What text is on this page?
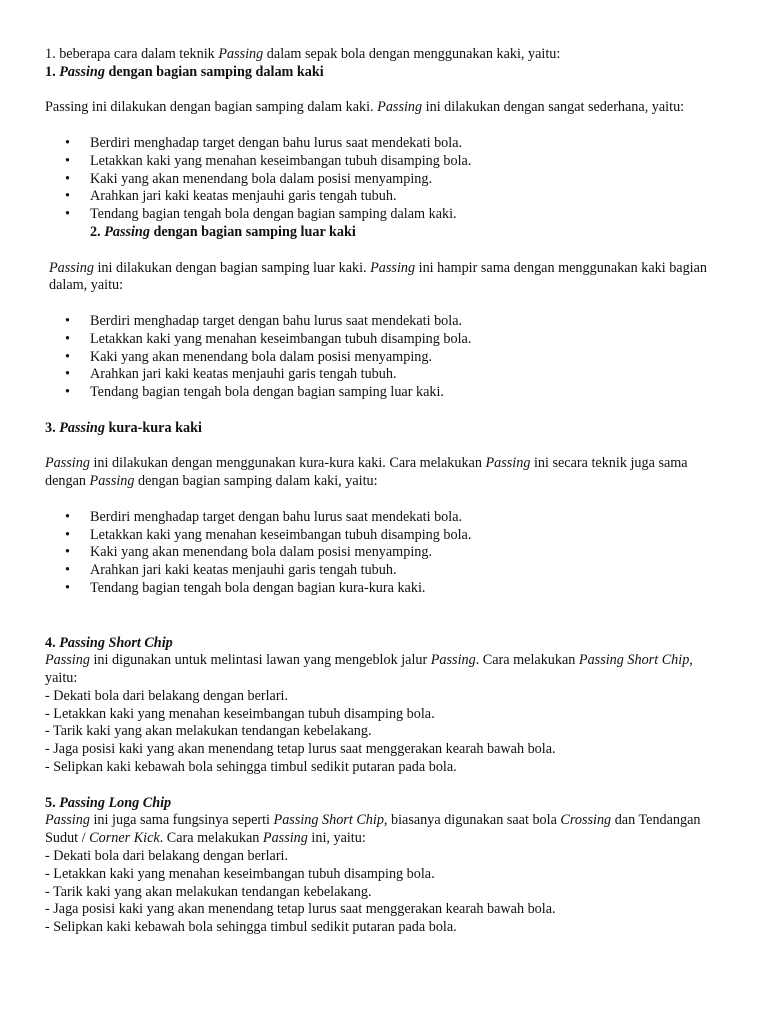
1. beberapa cara dalam teknik Passing dalam sepak bola dengan menggunakan kaki, yaitu:

1. Passing dengan bagian samping dalam kaki

Passing ini dilakukan dengan bagian samping dalam kaki. Passing ini dilakukan dengan sangat sederhana, yaitu:

• Berdiri menghadap target dengan bahu lurus saat mendekati bola.
• Letakkan kaki yang menahan keseimbangan tubuh disamping bola.
• Kaki yang akan menendang bola dalam posisi menyamping.
• Arahkan jari kaki keatas menjauhi garis tengah tubuh.
• Tendang bagian tengah bola dengan bagian samping dalam kaki.

2. Passing dengan bagian samping luar kaki

Passing ini dilakukan dengan bagian samping luar kaki. Passing ini hampir sama dengan menggunakan kaki bagian dalam, yaitu:

• Berdiri menghadap target dengan bahu lurus saat mendekati bola.
• Letakkan kaki yang menahan keseimbangan tubuh disamping bola.
• Kaki yang akan menendang bola dalam posisi menyamping.
• Arahkan jari kaki keatas menjauhi garis tengah tubuh.
• Tendang bagian tengah bola dengan bagian samping luar kaki.

3. Passing kura-kura kaki

Passing ini dilakukan dengan menggunakan kura-kura kaki. Cara melakukan Passing ini secara teknik juga sama dengan Passing dengan bagian samping dalam kaki, yaitu:

• Berdiri menghadap target dengan bahu lurus saat mendekati bola.
• Letakkan kaki yang menahan keseimbangan tubuh disamping bola.
• Kaki yang akan menendang bola dalam posisi menyamping.
• Arahkan jari kaki keatas menjauhi garis tengah tubuh.
• Tendang bagian tengah bola dengan bagian kura-kura kaki.

4. Passing Short Chip

Passing ini digunakan untuk melintasi lawan yang mengeblok jalur Passing. Cara melakukan Passing Short Chip, yaitu:

- Dekati bola dari belakang dengan berlari.

- Letakkan kaki yang menahan keseimbangan tubuh disamping bola.

- Tarik kaki yang akan melakukan tendangan kebelakang.

- Jaga posisi kaki yang akan menendang tetap lurus saat menggerakan kearah bawah bola.

- Selipkan kaki kebawah bola sehingga timbul sedikit putaran pada bola.

5. Passing Long Chip

Passing ini juga sama fungsinya seperti Passing Short Chip, biasanya digunakan saat bola Crossing dan Tendangan Sudut / Corner Kick. Cara melakukan Passing ini, yaitu:

- Dekati bola dari belakang dengan berlari.

- Letakkan kaki yang menahan keseimbangan tubuh disamping bola.

- Tarik kaki yang akan melakukan tendangan kebelakang.

- Jaga posisi kaki yang akan menendang tetap lurus saat menggerakan kearah bawah bola.

- Selipkan kaki kebawah bola sehingga timbul sedikit putaran pada bola.
